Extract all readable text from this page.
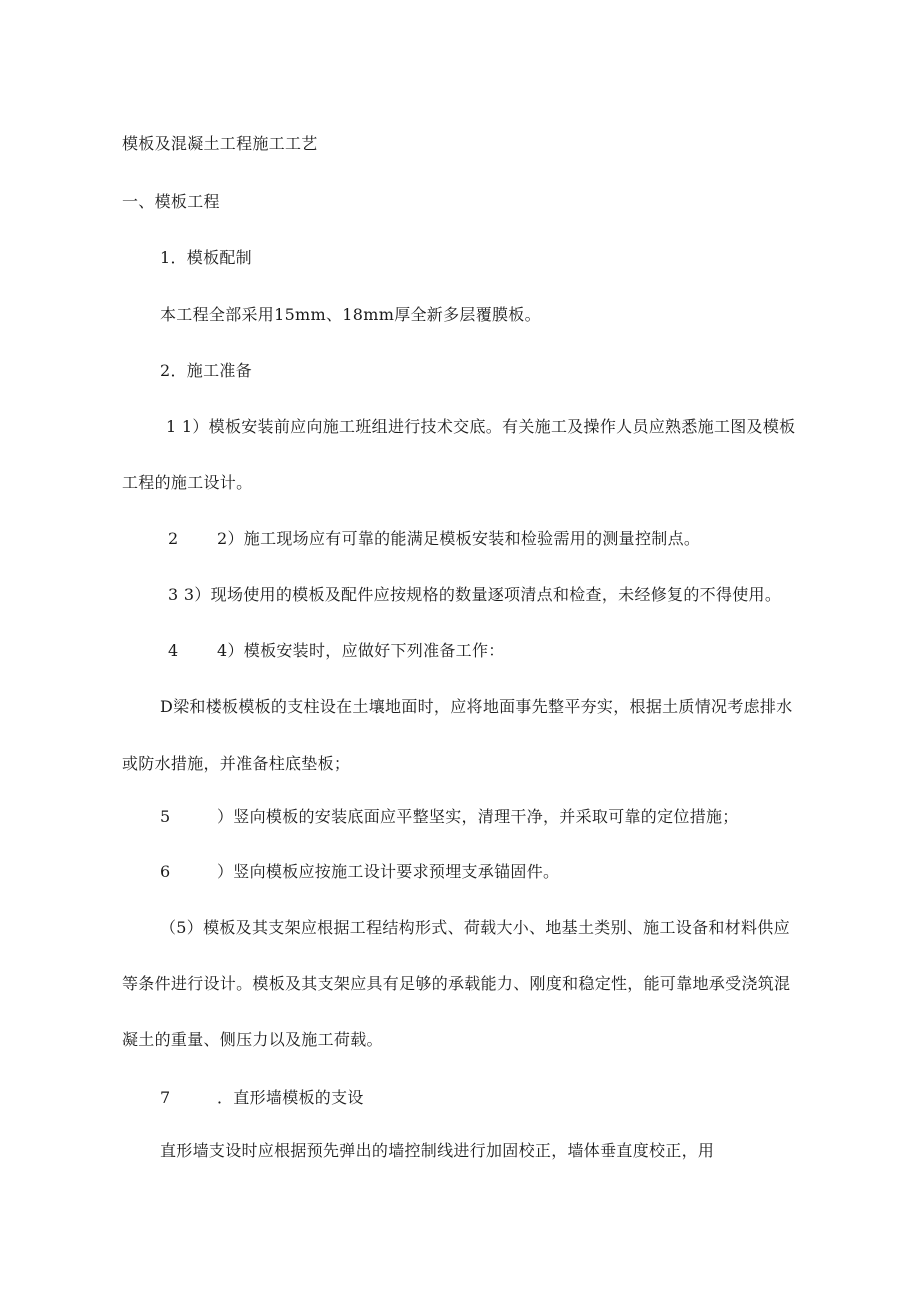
模板及混凝土工程施工工艺
一、模板工程
1．模板配制
本工程全部采用15mm、18mm厚全新多层覆膜板。
2．施工准备
1 1）模板安装前应向施工班组进行技术交底。有关施工及操作人员应熟悉施工图及模板
工程的施工设计。
2 2）施工现场应有可靠的能满足模板安装和检验需用的测量控制点。
3 3）现场使用的模板及配件应按规格的数量逐项清点和检查，未经修复的不得使用。
4 4）模板安装时，应做好下列准备工作：
D梁和楼板模板的支柱设在土壤地面时，应将地面事先整平夯实，根据土质情况考虑排水
或防水措施，并准备柱底垫板；
5	）竖向模板的安装底面应平整坚实，清理干净，并采取可靠的定位措施；
6	）竖向模板应按施工设计要求预埋支承锚固件。
（5）模板及其支架应根据工程结构形式、荷载大小、地基土类别、施工设备和材料供应
等条件进行设计。模板及其支架应具有足够的承载能力、刚度和稳定性，能可靠地承受浇筑混
凝土的重量、侧压力以及施工荷载。
7	．直形墙模板的支设
直形墙支设时应根据预先弹出的墙控制线进行加固校正，墙体垂直度校正，用
